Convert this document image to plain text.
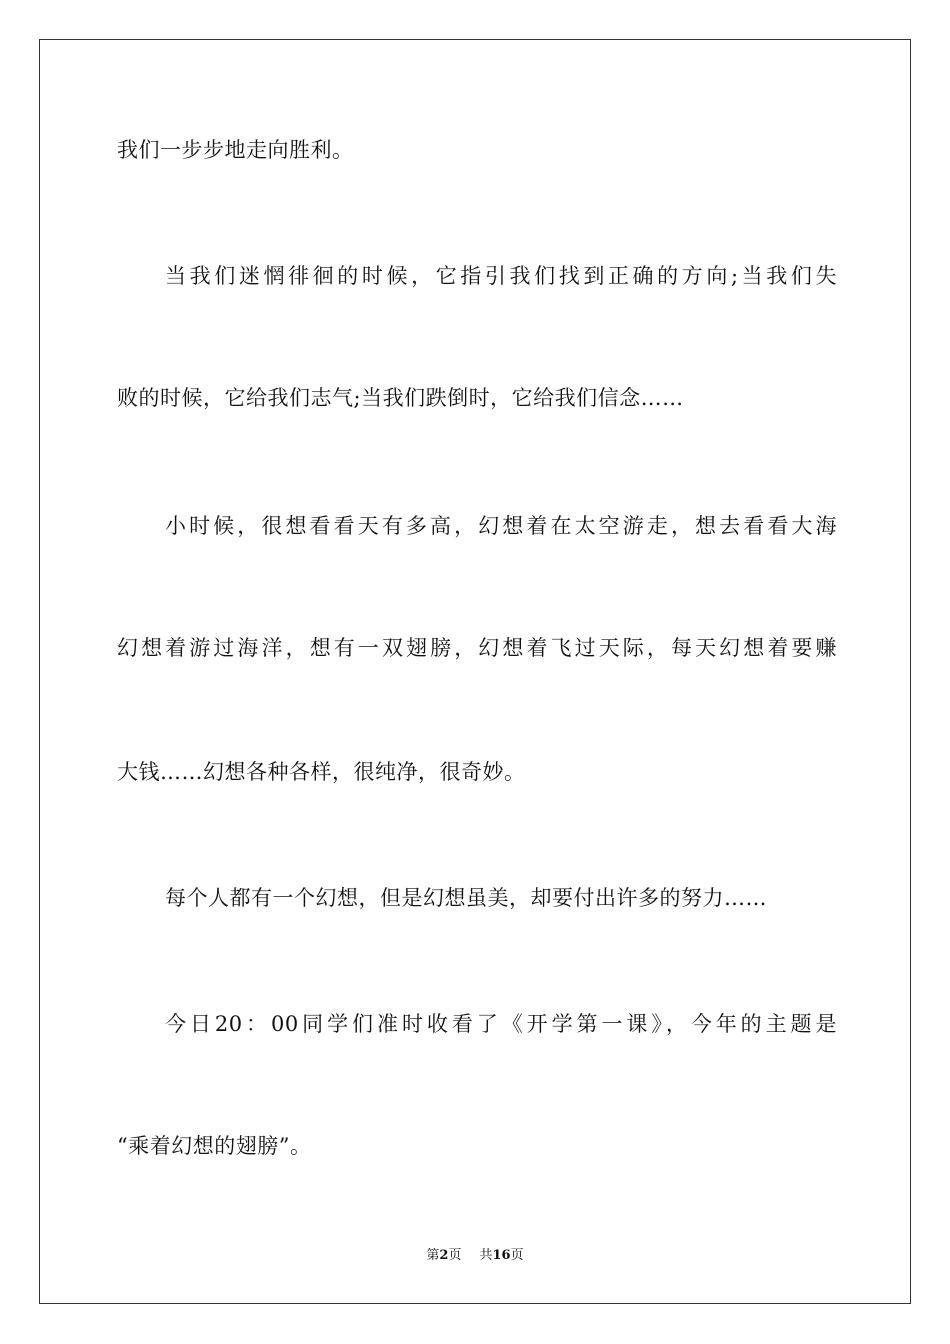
我们一步步地走向胜利。
当我们迷惘徘徊的时候，它指引我们找到正确的方向;当我们失
败的时候，它给我们志气;当我们跌倒时，它给我们信念……
小时候，很想看看天有多高，幻想着在太空游走，想去看看大海
幻想着游过海洋，想有一双翅膀，幻想着飞过天际，每天幻想着要赚
大钱……幻想各种各样，很纯净，很奇妙。
每个人都有一个幻想，但是幻想虽美，却要付出许多的努力……
今日20：00同学们准时收看了《开学第一课》，今年的主题是
“乘着幻想的翅膀”。
第2页 共16页
